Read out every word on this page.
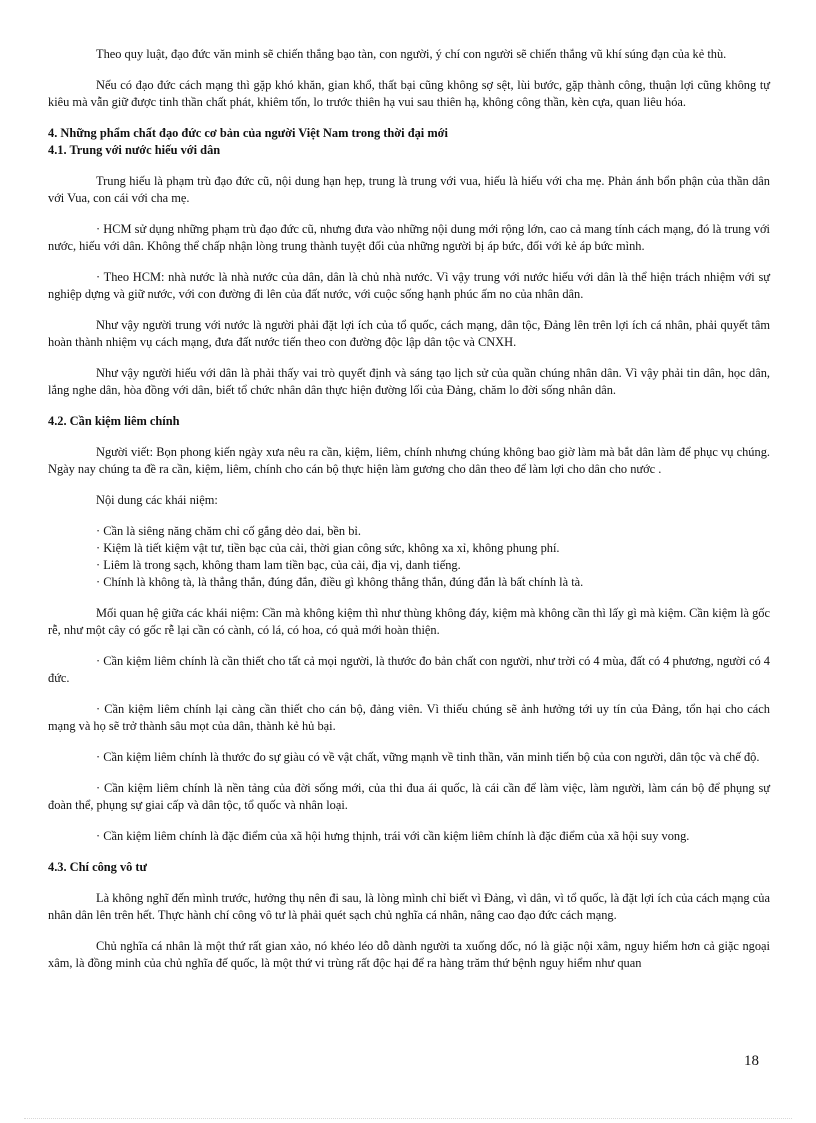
Theo quy luật, đạo đức văn minh sẽ chiến thắng bạo tàn, con người, ý chí con người sẽ chiến thắng vũ khí súng đạn của kẻ thù.

Nếu có đạo đức cách mạng thì gặp khó khăn, gian khổ, thất bại cũng không sợ sệt, lùi bước, gặp thành công, thuận lợi cũng không tự kiêu mà vẫn giữ được tinh thần chất phát, khiêm tốn, lo trước thiên hạ vui sau thiên hạ, không công thần, kèn cựa, quan liêu hóa.

4. Những phẩm chất đạo đức cơ bản của người Việt Nam trong thời đại mới
4.1. Trung với nước hiếu với dân

Trung hiếu là phạm trù đạo đức cũ, nội dung hạn hẹp, trung là trung với vua, hiếu là hiếu với cha mẹ. Phản ánh bổn phận của thần dân với Vua, con cái với cha mẹ.

· HCM sử dụng những phạm trù đạo đức cũ, nhưng đưa vào những nội dung mới rộng lớn, cao cả mang tính cách mạng, đó là trung với nước, hiếu với dân. Không thể chấp nhận lòng trung thành tuyệt đối của những người bị áp bức, đối với kẻ áp bức mình.

· Theo HCM: nhà nước là nhà nước của dân, dân là chủ nhà nước. Vì vậy trung với nước hiếu với dân là thể hiện trách nhiệm với sự nghiệp dựng và giữ nước, với con đường đi lên của đất nước, với cuộc sống hạnh phúc ấm no của nhân dân.

Như vậy người trung với nước là người phải đặt lợi ích của tổ quốc, cách mạng, dân tộc, Đảng lên trên lợi ích cá nhân, phải quyết tâm hoàn thành nhiệm vụ cách mạng, đưa đất nước tiến theo con đường độc lập dân tộc và CNXH.

Như vậy người hiếu với dân là phải thấy vai trò quyết định và sáng tạo lịch sử của quần chúng nhân dân. Vì vậy phải tin dân, học dân, lắng nghe dân, hòa đồng với dân, biết tổ chức nhân dân thực hiện đường lối của Đảng, chăm lo đời sống nhân dân.

4.2. Cần kiệm liêm chính

Người viết: Bọn phong kiến ngày xưa nêu ra cần, kiệm, liêm, chính nhưng chúng không bao giờ làm mà bắt dân làm để phục vụ chúng. Ngày nay chúng ta đề ra cần, kiệm, liêm, chính cho cán bộ thực hiện làm gương cho dân theo để làm lợi cho dân cho nước .

Nội dung các khái niệm:

· Cần là siêng năng chăm chỉ cố gắng dẻo dai, bền bỉ.
· Kiệm là tiết kiệm vật tư, tiền bạc của cải, thời gian công sức, không xa xỉ, không phung phí.
· Liêm là trong sạch, không tham lam tiền bạc, của cải, địa vị, danh tiếng.
· Chính là không tà, là thẳng thắn, đúng đắn, điều gì không thẳng thắn, đúng đắn là bất chính là tà.

Mối quan hệ giữa các khái niệm: Cần mà không kiệm thì như thùng không đáy, kiệm mà không cần thì lấy gì mà kiệm. Cần kiệm là gốc rễ, như một cây có gốc rễ lại cần có cành, có lá, có hoa, có quả mới hoàn thiện.

· Cần kiệm liêm chính là cần thiết cho tất cả mọi người, là thước đo bản chất con người, như trời có 4 mùa, đất có 4 phương, người có 4 đức.

· Cần kiệm liêm chính lại càng cần thiết cho cán bộ, đảng viên. Vì thiếu chúng sẽ ảnh hưởng tới uy tín của Đảng, tổn hại cho cách mạng và họ sẽ trở thành sâu mọt của dân, thành kẻ hủ bại.

· Cần kiệm liêm chính là thước đo sự giàu có về vật chất, vững mạnh về tinh thần, văn minh tiến bộ của con người, dân tộc và chế độ.

· Cần kiệm liêm chính là nền tảng của đời sống mới, của thi đua ái quốc, là cái cần để làm việc, làm người, làm cán bộ để phụng sự đoàn thể, phụng sự giai cấp và dân tộc, tổ quốc và nhân loại.

· Cần kiệm liêm chính là đặc điểm của xã hội hưng thịnh, trái với cần kiệm liêm chính là đặc điểm của xã hội suy vong.

4.3. Chí công vô tư

Là không nghĩ đến mình trước, hưởng thụ nên đi sau, là lòng mình chỉ biết vì Đảng, vì dân, vì tổ quốc, là đặt lợi ích của cách mạng của nhân dân lên trên hết. Thực hành chí công vô tư là phải quét sạch chủ nghĩa cá nhân, nâng cao đạo đức cách mạng.

Chủ nghĩa cá nhân là một thứ rất gian xảo, nó khéo léo dỗ dành người ta xuống dốc, nó là giặc nội xâm, nguy hiểm hơn cả giặc ngoại xâm, là đồng minh của chủ nghĩa đế quốc, là một thứ vi trùng rất độc hại để ra hàng trăm thứ bệnh nguy hiểm như quan

18
